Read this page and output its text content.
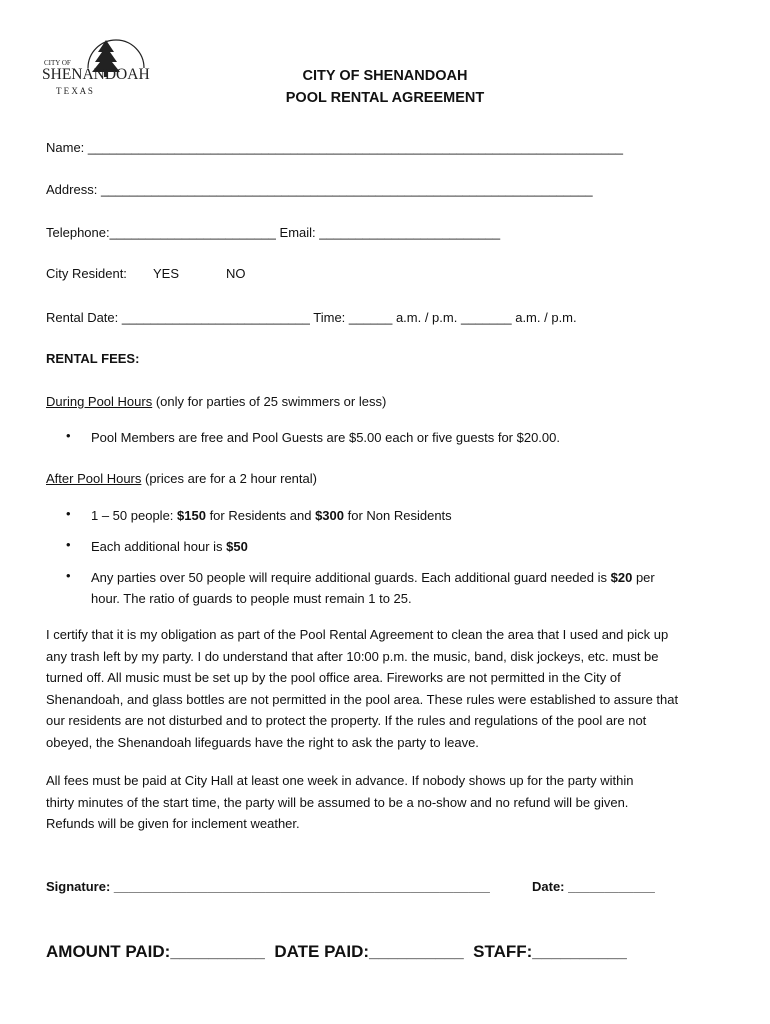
CITY OF
SHENANDOAH
T E X A S
CITY OF SHENANDOAH
POOL RENTAL AGREEMENT
Name: __________________________________________________________________________
Address: ____________________________________________________________________
Telephone:_______________________ Email: _________________________
City Resident: YES	NO
Rental Date: __________________________ Time: ______ a.m. / p.m. _______ a.m. / p.m.
RENTAL FEES:
During Pool Hours (only for parties of 25 swimmers or less)
• Pool Members are free and Pool Guests are $5.00 each or five guests for $20.00.
After Pool Hours (prices are for a 2 hour rental)
• 1 – 50 people: $150 for Residents and $300 for Non Residents
• Each additional hour is $50
• Any parties over 50 people will require additional guards. Each additional guard needed is $20 per
hour. The ratio of guards to people must remain 1 to 25.
I certify that it is my obligation as part of the Pool Rental Agreement to clean the area that I used and pick up
any trash left by my party. I do understand that after 10:00 p.m. the music, band, disk jockeys, etc. must be
turned off. All music must be set up by the pool office area. Fireworks are not permitted in the City of
Shenandoah, and glass bottles are not permitted in the pool area. These rules were established to assure that
our residents are not disturbed and to protect the property. If the rules and regulations of the pool are not
obeyed, the Shenandoah lifeguards have the right to ask the party to leave.
All fees must be paid at City Hall at least one week in advance. If nobody shows up for the party within
thirty minutes of the start time, the party will be assumed to be a no-show and no refund will be given.
Refunds will be given for inclement weather.
Signature: ____________________________________________________	Date: ____________
AMOUNT PAID:__________ DATE PAID:__________ STAFF:__________
